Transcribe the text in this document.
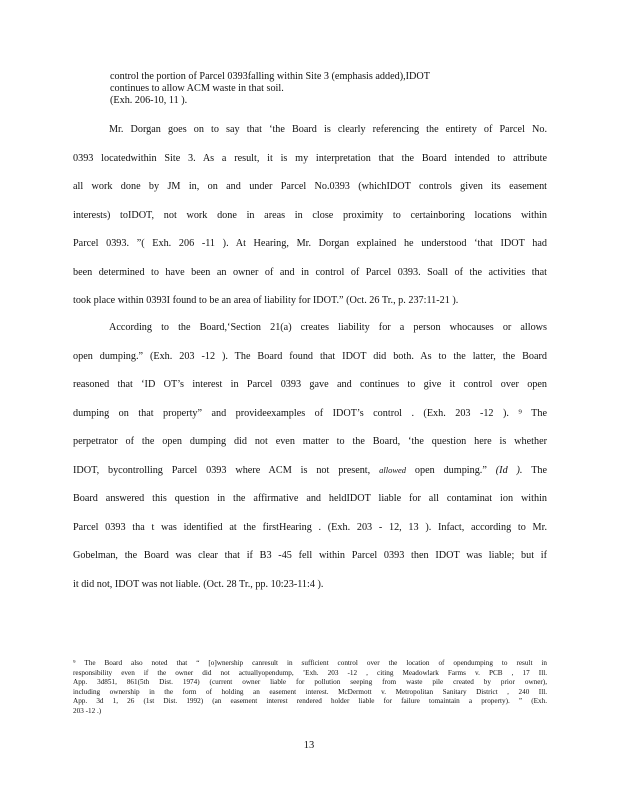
control the portion of Parcel 0393falling within Site 3 (emphasis added),IDOT
continues to allow ACM waste in that soil.
(Exh. 206-10, 11 ).
Mr. Dorgan goes on to say that ‘the Board is clearly referencing the entirety of Parcel No.
0393 locatedwithin Site 3. As a result, it is my interpretation that the Board intended to attribute
all work done by JM in, on and under Parcel No.0393 (whichIDOT controls given its easement
interests) toIDOT, not work done in areas in close proximity to certainboring locations within
Parcel 0393. ”( Exh. 206 -11 ). At Hearing, Mr. Dorgan explained he understood ‘that IDOT had
been determined to have been an owner of and in control of Parcel 0393. Soall of the activities that
took place within 0393I found to be an area of liability for IDOT.” (Oct. 26 Tr., p. 237:11-21 ).
According to the Board,‘Section 21(a) creates liability for a person whocauses or allows
open dumping.” (Exh. 203 -12 ). The Board found that IDOT did both. As to the latter, the Board
reasoned that ‘ID OT’s interest in Parcel 0393 gave and continues to give it control over open
dumping on that property” and provideexamples of IDOT’s control . (Exh. 203 -12 ). ⁹ The
perpetrator of the open dumping did not even matter to the Board, ‘the question here is whether
IDOT, bycontrolling Parcel 0393 where ACM is not present, allowed open dumping.” (Id ). The
Board answered this question in the affirmative and heldIDOT liable for all contaminat ion within
Parcel 0393 tha t was identified at the firstHearing . (Exh. 203 - 12, 13 ). Infact, according to Mr.
Gobelman, the Board was clear that if B3 -45 fell within Parcel 0393 then IDOT was liable; but if
it did not, IDOT was not liable. (Oct. 28 Tr., pp. 10:23-11:4 ).
⁹ The Board also noted that “ [o]wnership canresult in sufficient control over the location of opendumping to result in
responsibility even if the owner did not actuallyopendump, ’Exh. 203 -12 , citing Meadowlark Farms v. PCB , 17 Ill.
App. 3d851, 861(5th Dist. 1974) (current owner liable for pollution seeping from waste pile created by prior owner),
including ownership in the form of holding an easement interest. McDermott v. Metropolitan Sanitary District , 240 Ill.
App. 3d 1, 26 (1st Dist. 1992) (an easement interest rendered holder liable for failure tomaintain a property). ” (Exh.
203 -12 .)
13
